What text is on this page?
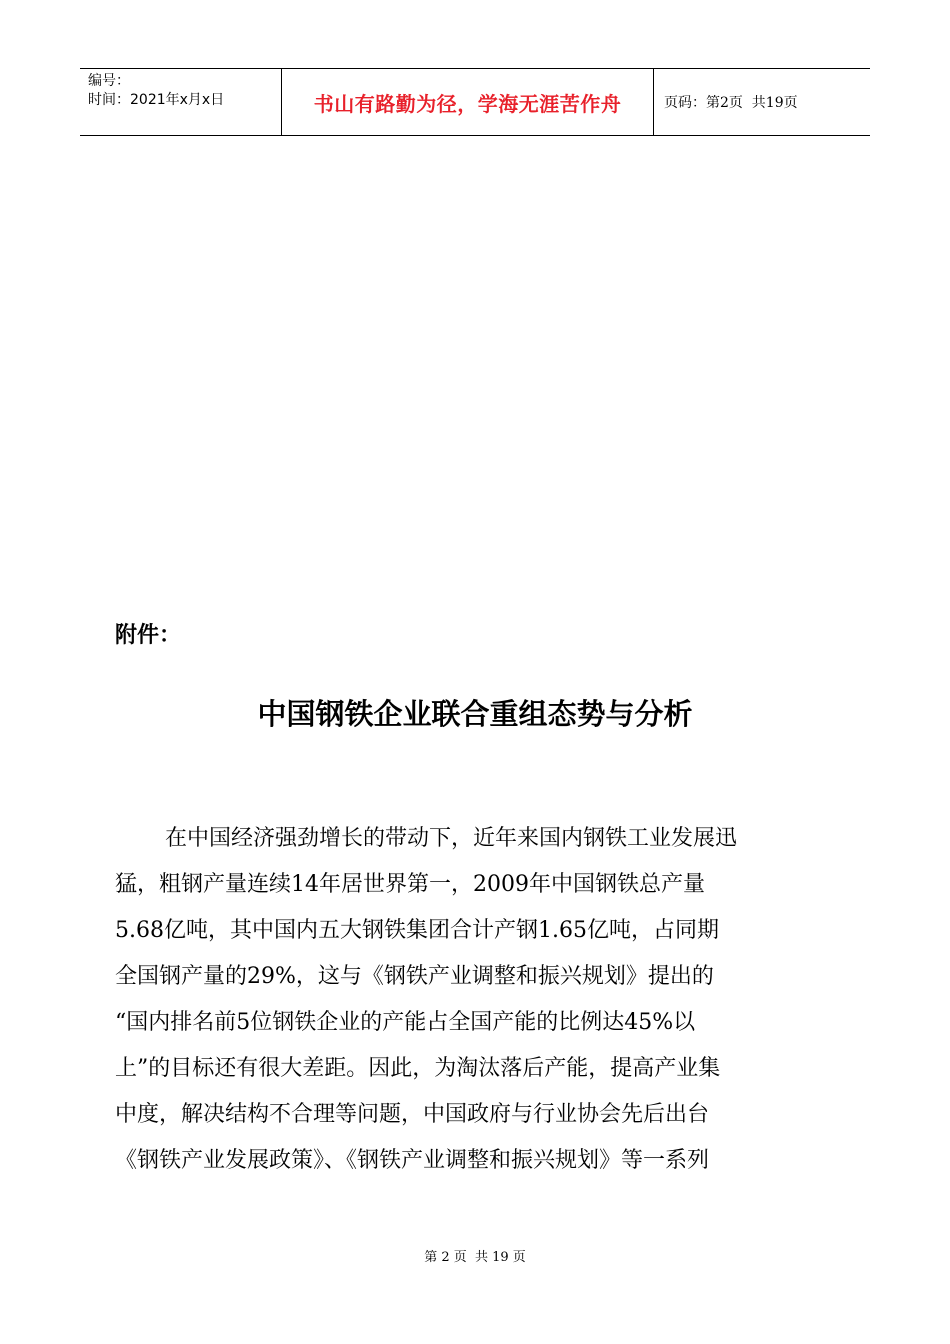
编号：
时间：2021年x月x日	书山有路勤为径，学海无涯苦作舟	页码：第2页  共19页
附件：
中国钢铁企业联合重组态势与分析
在中国经济强劲增长的带动下，近年来国内钢铁工业发展迅
猛，粗钢产量连续14年居世界第一，2009年中国钢铁总产量
5.68亿吨，其中国内五大钢铁集团合计产钢1.65亿吨，占同期
全国钢产量的29%，这与《钢铁产业调整和振兴规划》提出的
“国内排名前5位钢铁企业的产能占全国产能的比例达45%以
上”的目标还有很大差距。因此，为淘汰落后产能，提高产业集
中度，解决结构不合理等问题，中国政府与行业协会先后出台
《钢铁产业发展政策》、《钢铁产业调整和振兴规划》等一系列
第 2 页  共 19 页
